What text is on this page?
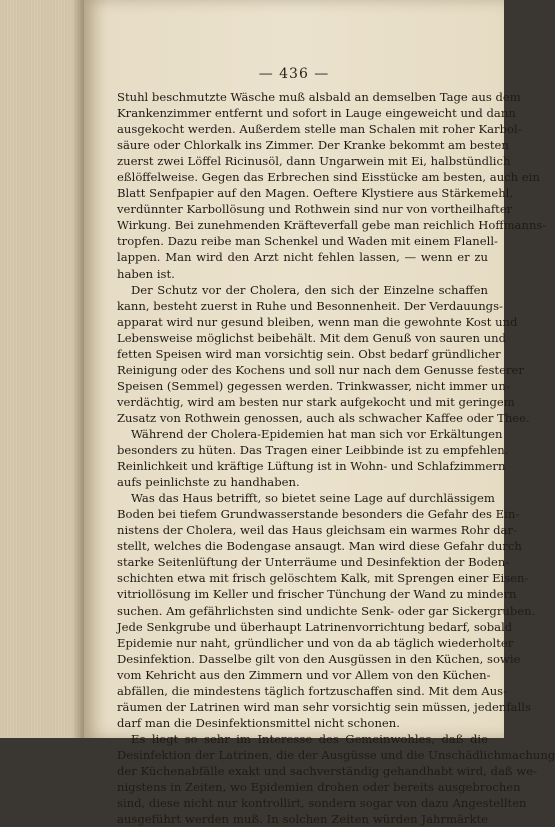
— 436 —
Stuhl beschmutzte Wäsche muß alsbald an demselben Tage aus dem
Krankenzimmer entfernt und sofort in Lauge eingeweicht und dann
ausgekocht werden. Außerdem stelle man Schalen mit roher Karbol-
säure oder Chlorkalk ins Zimmer. Der Kranke bekommt am besten
zuerst zwei Löffel Ricinusöl, dann Ungarwein mit Ei, halbstündlich
eßlöffelweise. Gegen das Erbrechen sind Eisstücke am besten, auch ein
Blatt Senfpapier auf den Magen. Oeftere Klystiere aus Stärkemehl,
verdünnter Karbollösung und Rothwein sind nur von vortheilhafter
Wirkung. Bei zunehmenden Kräfteverfall gebe man reichlich Hoffmanns-
tropfen. Dazu reibe man Schenkel und Waden mit einem Flanell-
lappen. Man wird den Arzt nicht fehlen lassen, — wenn er zu
haben ist.
Der Schutz vor der Cholera, den sich der Einzelne schaffen
kann, besteht zuerst in Ruhe und Besonnenheit. Der Verdauungs-
apparat wird nur gesund bleiben, wenn man die gewohnte Kost und
Lebensweise möglichst beibehält. Mit dem Genuß von sauren und
fetten Speisen wird man vorsichtig sein. Obst bedarf gründlicher
Reinigung oder des Kochens und soll nur nach dem Genusse festerer
Speisen (Semmel) gegessen werden. Trinkwasser, nicht immer un-
verdächtig, wird am besten nur stark aufgekocht und mit geringem
Zusatz von Rothwein genossen, auch als schwacher Kaffee oder Thee.
Während der Cholera-Epidemien hat man sich vor Erkältungen
besonders zu hüten. Das Tragen einer Leibbinde ist zu empfehlen.
Reinlichkeit und kräftige Lüftung ist in Wohn- und Schlafzimmern
aufs peinlichste zu handhaben.
Was das Haus betrifft, so bietet seine Lage auf durchlässigem
Boden bei tiefem Grundwasserstande besonders die Gefahr des Ein-
nistens der Cholera, weil das Haus gleichsam ein warmes Rohr dar-
stellt, welches die Bodengase ansaugt. Man wird diese Gefahr durch
starke Seitenlüftung der Unterräume und Desinfektion der Boden-
schichten etwa mit frisch gelöschtem Kalk, mit Sprengen einer Eisen-
vitriollösung im Keller und frischer Tünchung der Wand zu mindern
suchen. Am gefährlichsten sind undichte Senk- oder gar Sickergruben.
Jede Senkgrube und überhaupt Latrinenvorrichtung bedarf, sobald
Epidemie nur naht, gründlicher und von da ab täglich wiederholter
Desinfektion. Dasselbe gilt von den Ausgüssen in den Küchen, sowie
vom Kehricht aus den Zimmern und vor Allem von den Küchen-
abfällen, die mindestens täglich fortzuschaffen sind. Mit dem Aus-
räumen der Latrinen wird man sehr vorsichtig sein müssen, jedenfalls
darf man die Desinfektionsmittel nicht schonen.
Es liegt so sehr im Interesse des Gemeinwohles, daß die
Desinfektion der Latrinen, die der Ausgüsse und die Unschädlichmachung
der Küchenabfälle exakt und sachverständig gehandhabt wird, daß we-
nigstens in Zeiten, wo Epidemien drohen oder bereits ausgebrochen
sind, diese nicht nur kontrollirt, sondern sogar von dazu Angestellten
ausgeführt werden muß. In solchen Zeiten würden Jahrmärkte
